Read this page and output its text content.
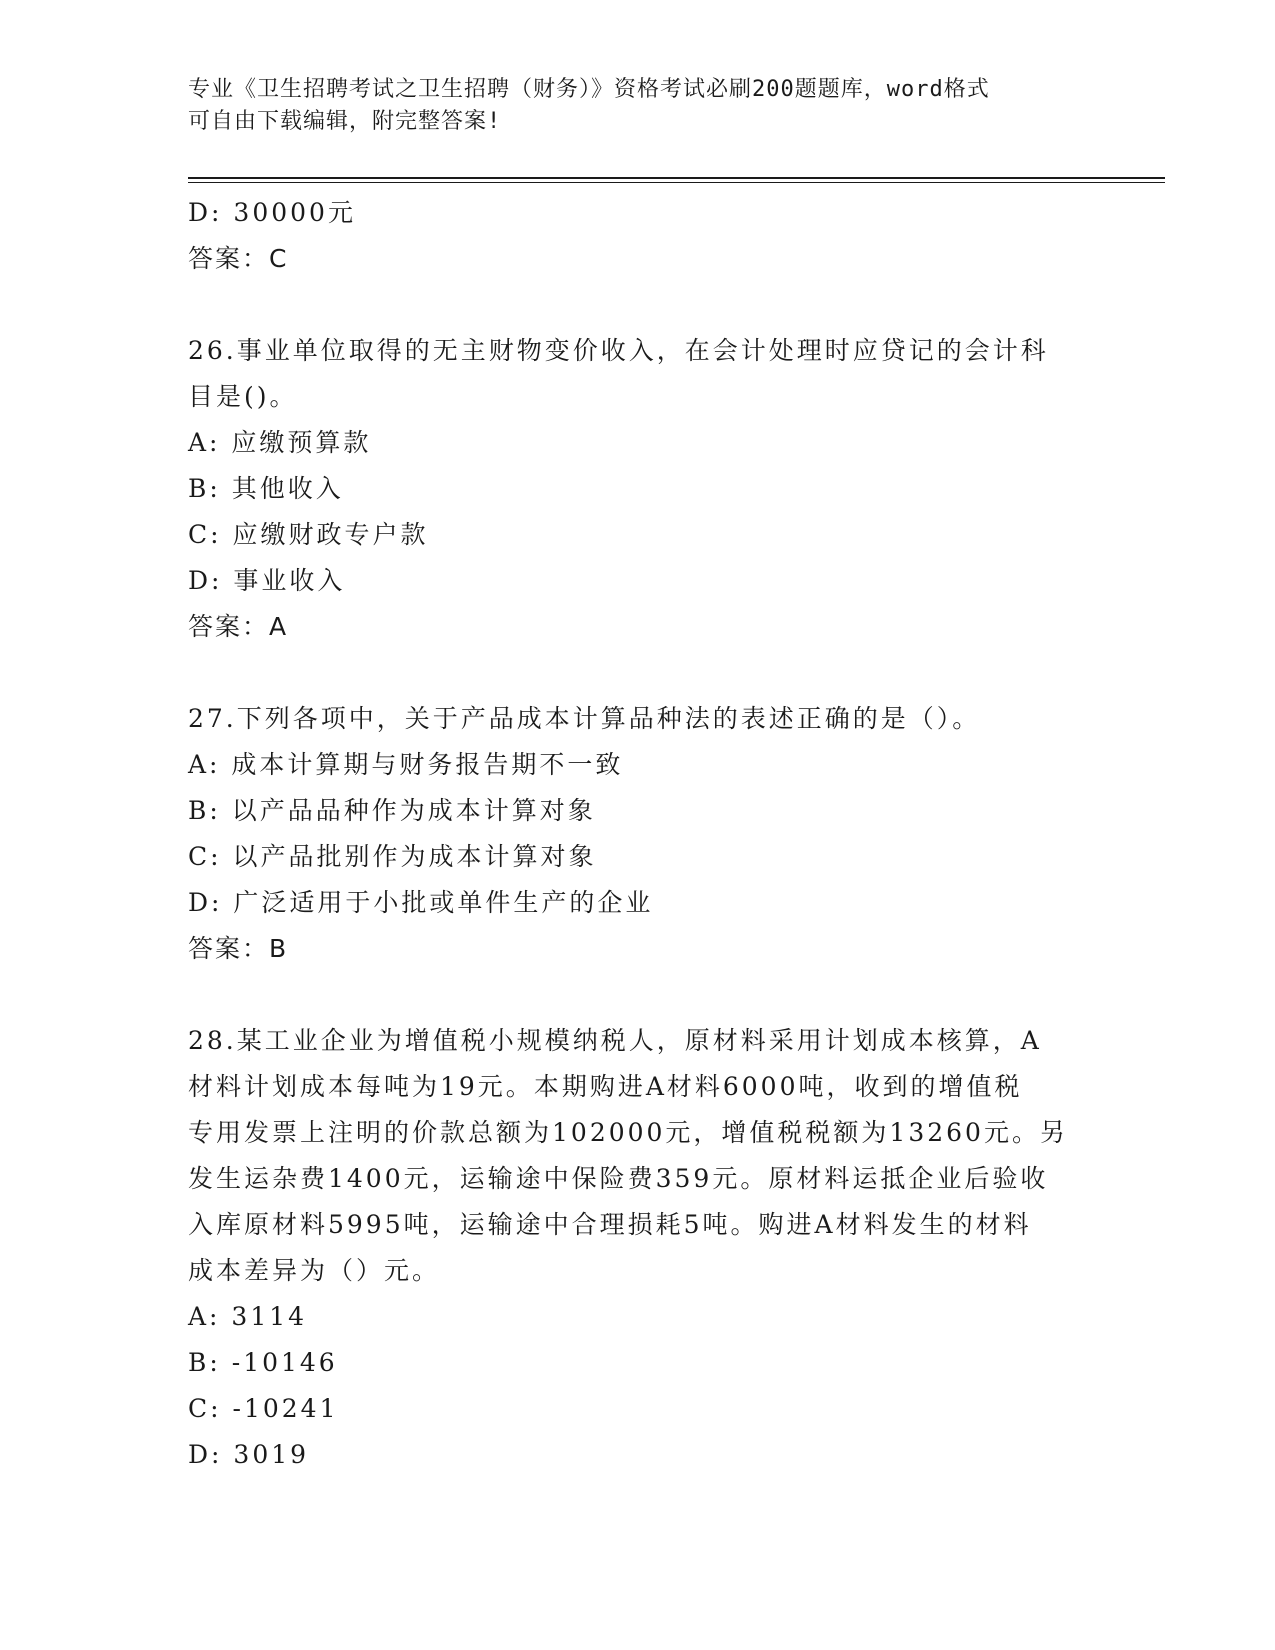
专业《卫生招聘考试之卫生招聘（财务）》资格考试必刷200题题库，word格式
可自由下载编辑，附完整答案!
D: 30000元
答案：C
26.事业单位取得的无主财物变价收入，在会计处理时应贷记的会计科
目是()。
A: 应缴预算款
B: 其他收入
C: 应缴财政专户款
D: 事业收入
答案：A
27.下列各项中，关于产品成本计算品种法的表述正确的是（）。
A: 成本计算期与财务报告期不一致
B: 以产品品种作为成本计算对象
C: 以产品批别作为成本计算对象
D: 广泛适用于小批或单件生产的企业
答案：B
28.某工业企业为增值税小规模纳税人，原材料采用计划成本核算，A
材料计划成本每吨为19元。本期购进A材料6000吨，收到的增值税
专用发票上注明的价款总额为102000元，增值税税额为13260元。另
发生运杂费1400元，运输途中保险费359元。原材料运抵企业后验收
入库原材料5995吨，运输途中合理损耗5吨。购进A材料发生的材料
成本差异为（）元。
A: 3114
B: -10146
C: -10241
D: 3019
